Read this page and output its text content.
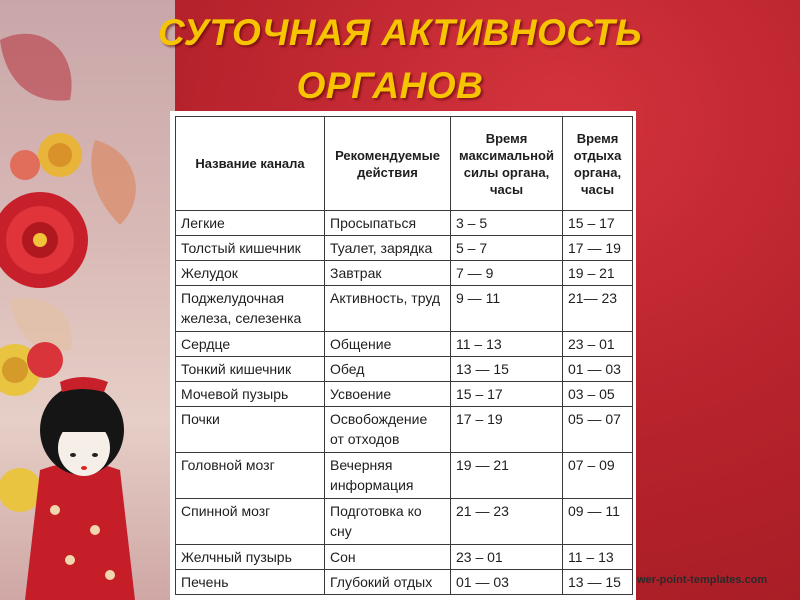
СУТОЧНАЯ АКТИВНОСТЬ
ОРГАНОВ
Название канала	Рекомендуемые действия	Время максимальной силы органа, часы	Время отдыха органа, часы
Легкие	Просыпаться	3 – 5	15 – 17
Толстый кишечник	Туалет, зарядка	5 – 7	17 — 19
Желудок	Завтрак	7 — 9	19 – 21
Поджелудочная железа, селезенка	Активность, труд	9 — 11	21— 23
Сердце	Общение	11 – 13	23 – 01
Тонкий кишечник	Обед	13 — 15	01 — 03
Мочевой пузырь	Усвоение	15 – 17	03 – 05
Почки	Освобождение от отходов	17 – 19	05 — 07
Головной мозг	Вечерняя информация	19 — 21	07 – 09
Спинной мозг	Подготовка ко сну	21 — 23	09 — 11
Желчный пузырь	Сон	23 – 01	11 – 13
Печень	Глубокий отдых	01 — 03	13 — 15 wer-point-templates.com
